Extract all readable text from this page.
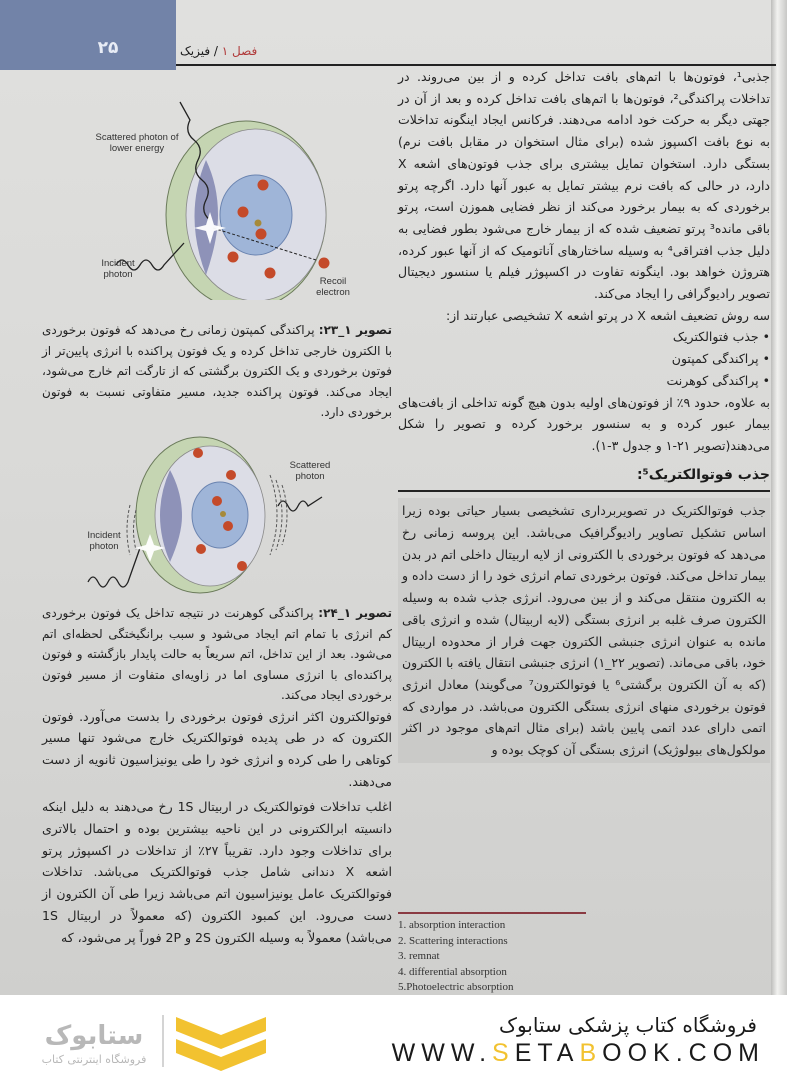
۲۵	فصل ۱ / فیزیک

جذبی¹، فوتون‌ها با اتم‌های بافت تداخل کرده و از بین می‌روند. در تداخلات پراکندگی²، فوتون‌ها با اتم‌های بافت تداخل کرده و بعد از آن در جهتی دیگر به حرکت خود ادامه می‌دهند. فرکانس ایجاد اینگونه تداخلات به نوع بافت اکسپوز شده (برای مثال استخوان در مقابل بافت نرم) بستگی دارد. استخوان تمایل بیشتری برای جذب فوتون‌های اشعه X دارد، در حالی که بافت نرم بیشتر تمایل به عبور آنها دارد. اگرچه پرتو برخوردی که به بیمار برخورد می‌کند از نظر فضایی هموزن است، پرتو باقی مانده³ پرتو تضعیف شده که از بیمار خارج می‌شود بطور فضایی به دلیل جذب افتراقی⁴ به وسیله ساختارهای آناتومیک که از آنها عبور کرده، هتروژن خواهد بود. اینگونه تفاوت در اکسپوژر فیلم یا سنسور دیجیتال تصویر رادیوگرافی را ایجاد می‌کند.

سه روش تضعیف اشعه X در پرتو اشعه X تشخیصی عبارتند از:

• جذب فتوالکتریک

• پراکندگی کمپتون

• پراکندگی کوهرنت

به علاوه، حدود ۹٪ از فوتون‌های اولیه بدون هیچ گونه تداخلی از بافت‌های بیمار عبور کرده و به سنسور برخورد کرده و تصویر را شکل می‌دهند(تصویر ۲۱-۱ و جدول ۳-۱).

جذب فوتوالکتریک⁵:

جذب فوتوالکتریک در تصویربرداری تشخیصی بسیار حیاتی بوده زیرا اساس تشکیل تصاویر رادیوگرافیک می‌باشد. این پروسه زمانی رخ می‌دهد که فوتون برخوردی با الکترونی از لایه اربیتال داخلی اتم در بدن بیمار تداخل می‌کند. فوتون برخوردی تمام انرژی خود را از دست داده و به الکترون منتقل می‌کند و از بین می‌رود. انرژی جذب شده به وسیله الکترون صرف غلبه بر انرژی بستگی (لایه اربیتال) شده و انرژی باقی مانده به عنوان انرژی جنبشی الکترون جهت فرار از محدوده اربیتال خود، باقی می‌ماند. (تصویر ۲۲_۱) انرژی جنبشی انتقال یافته با الکترون (که به آن الکترون برگشتی⁶ یا فوتوالکترون⁷ می‌گویند) معادل انرژی فوتون برخوردی منهای انرژی بستگی الکترون می‌باشد. در مواردی که اتمی دارای عدد اتمی پایین باشد (برای مثال اتم‌های موجود در اکثر مولکول‌های بیولوژیک) انرژی بستگی آن کوچک بوده و

Scattered photon of lower energy
Incident photon
Recoil electron

تصویر ۱_۲۳: پراکندگی کمپتون زمانی رخ می‌دهد که فوتون برخوردی با الکترون خارجی تداخل کرده و یک فوتون پراکنده با انرژی پایین‌تر از فوتون برخوردی و یک الکترون برگشتی که از تارگت اتم خارج می‌شود، ایجاد می‌کند. فوتون پراکنده جدید، مسیر متفاوتی نسبت به فوتون برخوردی دارد.

Incident photon
Scattered photon

تصویر ۱_۲۴: پراکندگی کوهرنت در نتیجه تداخل یک فوتون برخوردی کم انرژی با تمام اتم ایجاد می‌شود و سبب برانگیختگی لحظه‌ای اتم می‌شود. بعد از این تداخل، اتم سریعاً به حالت پایدار بازگشته و فوتون پراکنده‌ای با انرژی مساوی اما در زاویه‌ای متفاوت از مسیر فوتون برخوردی ایجاد می‌کند.

فوتوالکترون اکثر انرژی فوتون برخوردی را بدست می‌آورد. فوتون الکترون که در طی پدیده فوتوالکتریک خارج می‌شود تنها مسیر کوتاهی را طی کرده و انرژی خود را طی یونیزاسیون ثانویه از دست می‌دهند.

اغلب تداخلات فوتوالکتریک در اربیتال 1S رخ می‌دهند به دلیل اینکه دانسیته ابرالکترونی در این ناحیه بیشترین بوده و احتمال بالاتری برای تداخلات وجود دارد. تقریباً ۲۷٪ از تداخلات در اکسپوژر پرتو اشعه X دندانی شامل جذب فوتوالکتریک می‌باشد. تداخلات فوتوالکتریک عامل یونیزاسیون اتم می‌باشد زیرا طی آن الکترون از دست می‌رود. این کمبود الکترون (که معمولاً در اربیتال 1S می‌باشد) معمولاً به وسیله الکترون 2S و 2P فوراً پر می‌شود، که

1. absorption interaction
2. Scattering interactions
3. remnat
4. differential absorption
5.Photoelectric absorption
ستابوک
فروشگاه اینترنتی کتاب
فروشگاه کتاب پزشکی ستابوک
WWW.SETABOOK.COM
